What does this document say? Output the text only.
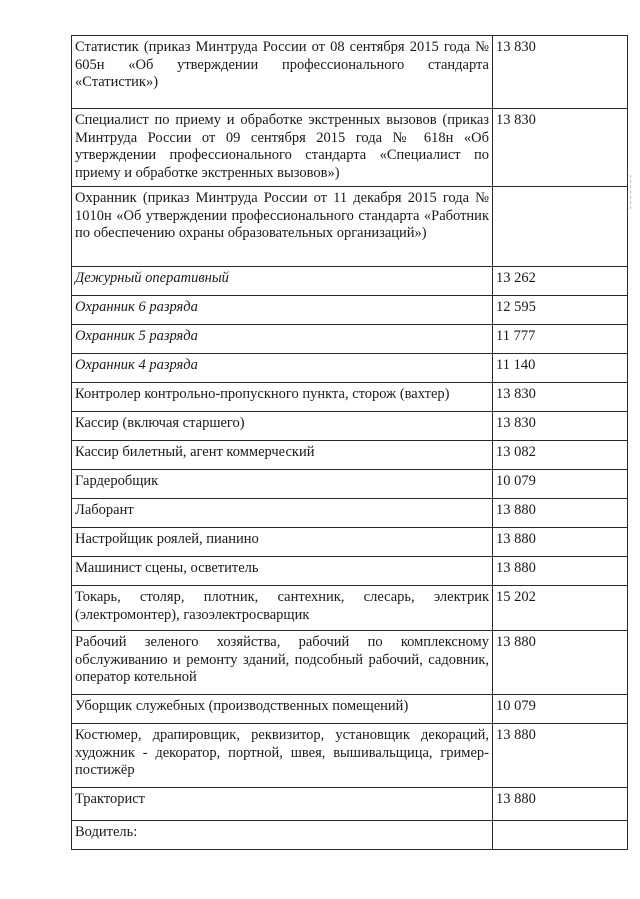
Статистик (приказ Минтруда России от 08 сентября 2015 года № 605н «Об утверждении профессионального стандарта «Статистик»)	13 830
Специалист по приему и обработке экстренных вызовов (приказ Минтруда России от 09 сентября 2015 года № 618н «Об утверждении профессионального стандарта «Специалист по приему и обработке экстренных вызовов»)	13 830
Охранник (приказ Минтруда России от 11 декабря 2015 года № 1010н «Об утверждении профессионального стандарта «Работник по обеспечению охраны образовательных организаций»)	
Дежурный оперативный	13 262
Охранник 6 разряда	12 595
Охранник 5 разряда	11 777
Охранник 4 разряда	11 140
Контролер контрольно-пропускного пункта, сторож (вахтер)	13 830
Кассир (включая старшего)	13 830
Кассир билетный, агент коммерческий	13 082
Гардеробщик	10 079
Лаборант	13 880
Настройщик роялей, пианино	13 880
Машинист сцены, осветитель	13 880
Токарь, столяр, плотник, сантехник, слесарь, электрик (электромонтер), газоэлектросварщик	15 202
Рабочий зеленого хозяйства, рабочий по комплексному обслуживанию и ремонту зданий, подсобный рабочий, садовник, оператор котельной	13 880
Уборщик служебных (производственных помещений)	10 079
Костюмер, драпировщик, реквизитор, установщик декораций, художник - декоратор, портной, швея, вышивальщица, гример-постижёр	13 880
Тракторист	13 880
Водитель:	
